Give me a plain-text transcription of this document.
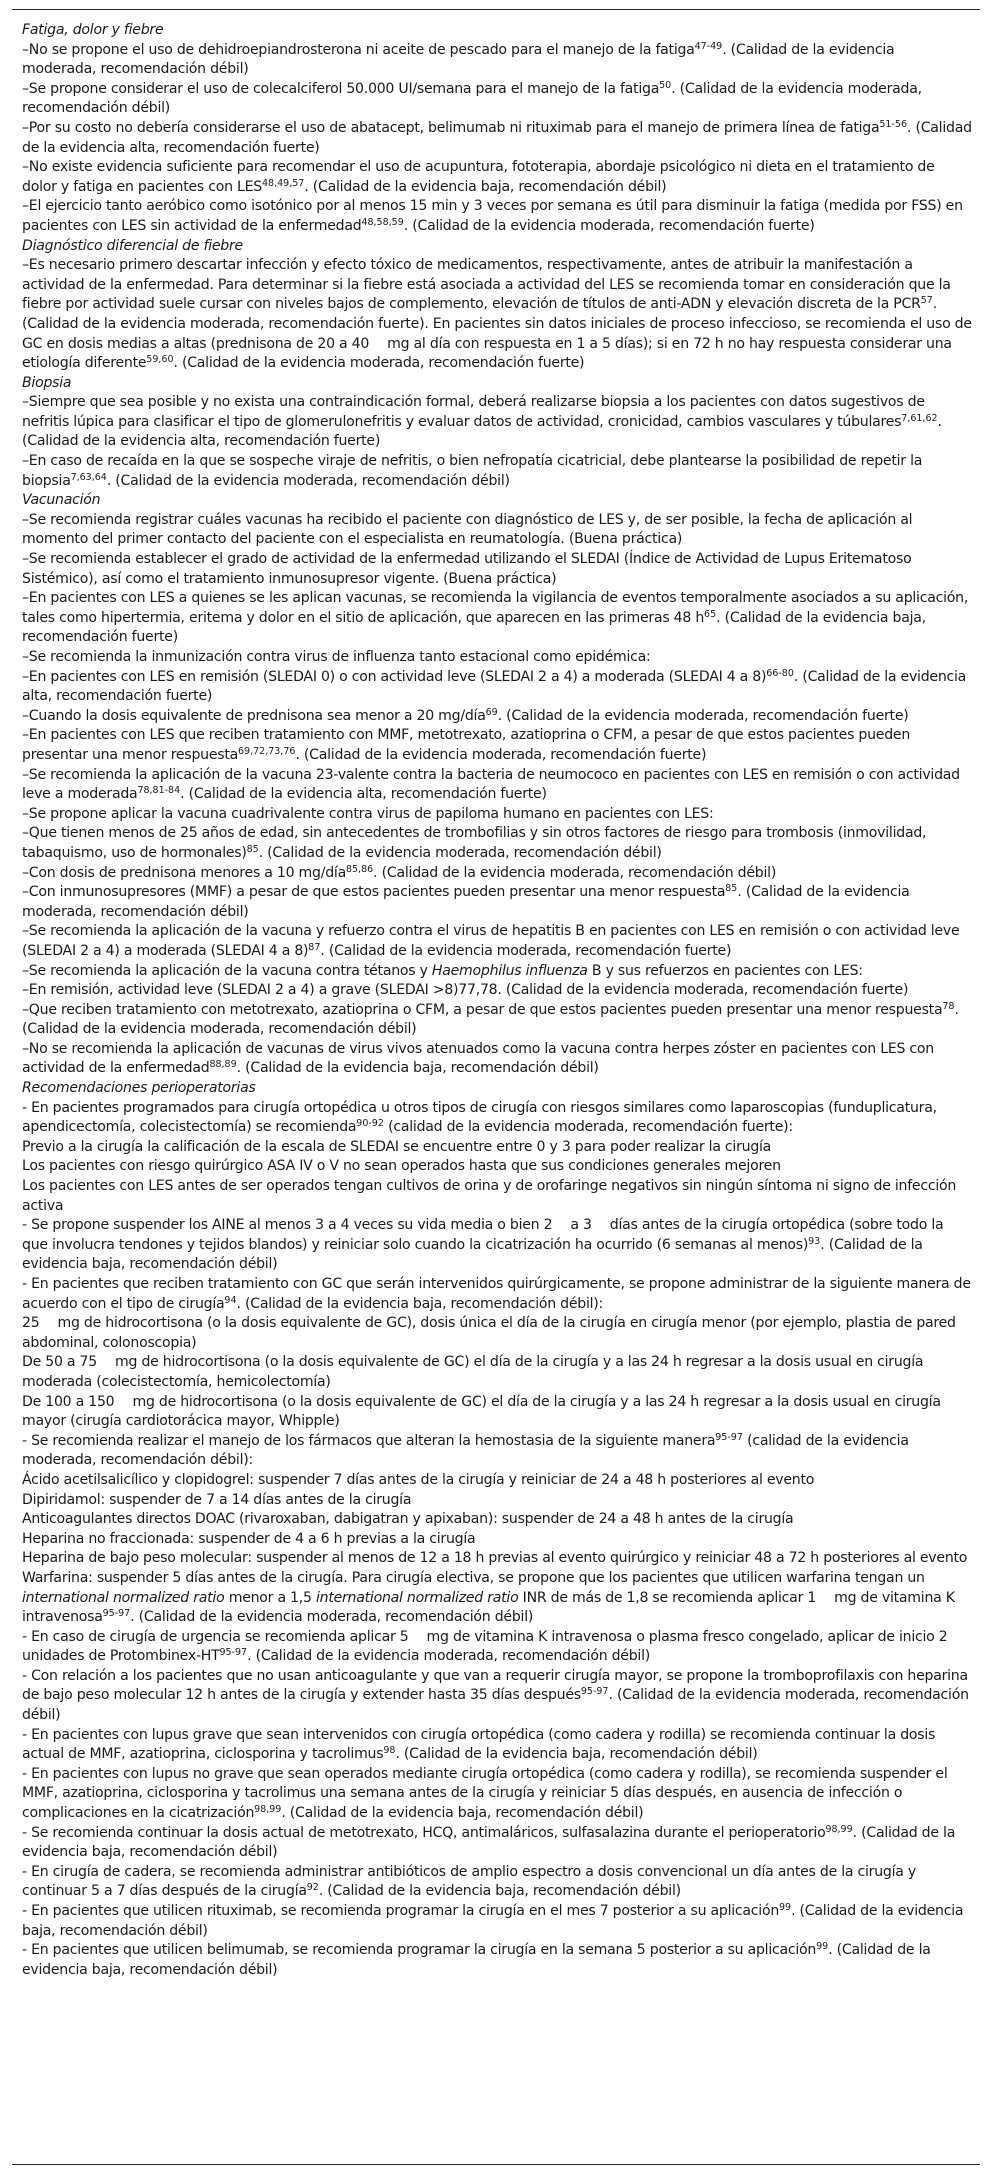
Fatiga, dolor y fiebre

–No se propone el uso de dehidroepiandrosterona ni aceite de pescado para el manejo de la fatiga$^{47-49}$. (Calidad de la evidencia moderada, recomendación débil)

–Se propone considerar el uso de colecalciferol 50.000 UI/semana para el manejo de la fatiga$^{50}$. (Calidad de la evidencia moderada, recomendación débil)

–Por su costo no debería considerarse el uso de abatacept, belimumab ni rituximab para el manejo de primera línea de fatiga$^{51-56}$. (Calidad de la evidencia alta, recomendación fuerte)

–No existe evidencia suficiente para recomendar el uso de acupuntura, fototerapia, abordaje psicológico ni dieta en el tratamiento de dolor y fatiga en pacientes con LES$^{48,49,57}$. (Calidad de la evidencia baja, recomendación débil)

–El ejercicio tanto aeróbico como isotónico por al menos 15 min y 3 veces por semana es útil para disminuir la fatiga (medida por FSS) en pacientes con LES sin actividad de la enfermedad$^{48,58,59}$. (Calidad de la evidencia moderada, recomendación fuerte)

Diagnóstico diferencial de fiebre

–Es necesario primero descartar infección y efecto tóxico de medicamentos, respectivamente, antes de atribuir la manifestación a actividad de la enfermedad. Para determinar si la fiebre está asociada a actividad del LES se recomienda tomar en consideración que la fiebre por actividad suele cursar con niveles bajos de complemento, elevación de títulos de anti-ADN y elevación discreta de la PCR$^{57}$. (Calidad de la evidencia moderada, recomendación fuerte). En pacientes sin datos iniciales de proceso infeccioso, se recomienda el uso de GC en dosis medias a altas (prednisona de 20 a 40  mg al día con respuesta en 1 a 5 días); si en 72 h no hay respuesta considerar una etiología diferente$^{59,60}$. (Calidad de la evidencia moderada, recomendación fuerte)

Biopsia

–Siempre que sea posible y no exista una contraindicación formal, deberá realizarse biopsia a los pacientes con datos sugestivos de nefritis lúpica para clasificar el tipo de glomerulonefritis y evaluar datos de actividad, cronicidad, cambios vasculares y túbulares$^{7,61,62}$. (Calidad de la evidencia alta, recomendación fuerte)

–En caso de recaída en la que se sospeche viraje de nefritis, o bien nefropatía cicatricial, debe plantearse la posibilidad de repetir la biopsia$^{7,63,64}$. (Calidad de la evidencia moderada, recomendación débil)

Vacunación

–Se recomienda registrar cuáles vacunas ha recibido el paciente con diagnóstico de LES y, de ser posible, la fecha de aplicación al momento del primer contacto del paciente con el especialista en reumatología. (Buena práctica)

–Se recomienda establecer el grado de actividad de la enfermedad utilizando el SLEDAI (Índice de Actividad de Lupus Eritematoso Sistémico), así como el tratamiento inmunosupresor vigente. (Buena práctica)

–En pacientes con LES a quienes se les aplican vacunas, se recomienda la vigilancia de eventos temporalmente asociados a su aplicación, tales como hipertermia, eritema y dolor en el sitio de aplicación, que aparecen en las primeras 48 $h^{65}$. (Calidad de la evidencia baja, recomendación fuerte)

–Se recomienda la inmunización contra virus de influenza tanto estacional como epidémica:

–En pacientes con LES en remisión (SLEDAI 0) o con actividad leve (SLEDAI 2 a 4) a moderada (SLEDAI 4 a 8)$^{66-80}$. (Calidad de la evidencia alta, recomendación fuerte)

–Cuando la dosis equivalente de prednisona sea menor a 20 mg/día$^{69}$. (Calidad de la evidencia moderada, recomendación fuerte)

–En pacientes con LES que reciben tratamiento con MMF, metotrexato, azatioprina o CFM, a pesar de que estos pacientes pueden presentar una menor respuesta$^{69,72,73,76}$. (Calidad de la evidencia moderada, recomendación fuerte)

–Se recomienda la aplicación de la vacuna 23-valente contra la bacteria de neumococo en pacientes con LES en remisión o con actividad leve a moderada$^{78,81-84}$. (Calidad de la evidencia alta, recomendación fuerte)

–Se propone aplicar la vacuna cuadrivalente contra virus de papiloma humano en pacientes con LES:

–Que tienen menos de 25 años de edad, sin antecedentes de trombofilias y sin otros factores de riesgo para trombosis (inmovilidad, tabaquismo, uso de hormonales)$^{85}$. (Calidad de la evidencia moderada, recomendación débil)

–Con dosis de prednisona menores a 10 mg/día$^{85,86}$. (Calidad de la evidencia moderada, recomendación débil)

–Con inmunosupresores (MMF) a pesar de que estos pacientes pueden presentar una menor respuesta$^{85}$. (Calidad de la evidencia moderada, recomendación débil)

–Se recomienda la aplicación de la vacuna y refuerzo contra el virus de hepatitis B en pacientes con LES en remisión o con actividad leve (SLEDAI 2 a 4) a moderada (SLEDAI 4 a 8)$^{87}$. (Calidad de la evidencia moderada, recomendación fuerte)

–Se recomienda la aplicación de la vacuna contra tétanos y Haemophilus influenza B y sus refuerzos en pacientes con LES:

–En remisión, actividad leve (SLEDAI 2 a 4) a grave (SLEDAI >8)77,78. (Calidad de la evidencia moderada, recomendación fuerte)

–Que reciben tratamiento con metotrexato, azatioprina o CFM, a pesar de que estos pacientes pueden presentar una menor respuesta$^{78}$. (Calidad de la evidencia moderada, recomendación débil)

–No se recomienda la aplicación de vacunas de virus vivos atenuados como la vacuna contra herpes zóster en pacientes con LES con actividad de la enfermedad$^{88,89}$. (Calidad de la evidencia baja, recomendación débil)

Recomendaciones perioperatorias

- En pacientes programados para cirugía ortopédica u otros tipos de cirugía con riesgos similares como laparoscopias (funduplicatura, apendicectomía, colecistectomía) se recomienda$^{90-92}$ (calidad de la evidencia moderada, recomendación fuerte):

Previo a la cirugía la calificación de la escala de SLEDAI se encuentre entre 0 y 3 para poder realizar la cirugía

Los pacientes con riesgo quirúrgico ASA IV o V no sean operados hasta que sus condiciones generales mejoren

Los pacientes con LES antes de ser operados tengan cultivos de orina y de orofaringe negativos sin ningún síntoma ni signo de infección activa

- Se propone suspender los AINE al menos 3 a 4 veces su vida media o bien 2  a 3  días antes de la cirugía ortopédica (sobre todo la que involucra tendones y tejidos blandos) y reiniciar solo cuando la cicatrización ha ocurrido (6 semanas al menos)$^{93}$. (Calidad de la evidencia baja, recomendación débil)

- En pacientes que reciben tratamiento con GC que serán intervenidos quirúrgicamente, se propone administrar de la siguiente manera de acuerdo con el tipo de cirugía$^{94}$. (Calidad de la evidencia baja, recomendación débil):

25  mg de hidrocortisona (o la dosis equivalente de GC), dosis única el día de la cirugía en cirugía menor (por ejemplo, plastia de pared abdominal, colonoscopia)

De 50 a 75  mg de hidrocortisona (o la dosis equivalente de GC) el día de la cirugía y a las 24 h regresar a la dosis usual en cirugía moderada (colecistectomía, hemicolectomía)

De 100 a 150  mg de hidrocortisona (o la dosis equivalente de GC) el día de la cirugía y a las 24 h regresar a la dosis usual en cirugía mayor (cirugía cardiotorácica mayor, Whipple)

- Se recomienda realizar el manejo de los fármacos que alteran la hemostasia de la siguiente manera$^{95-97}$ (calidad de la evidencia moderada, recomendación débil):

Ácido acetilsalicílico y clopidogrel: suspender 7 días antes de la cirugía y reiniciar de 24 a 48 h posteriores al evento

Dipiridamol: suspender de 7 a 14 días antes de la cirugía

Anticoagulantes directos DOAC (rivaroxaban, dabigatran y apixaban): suspender de 24 a 48 h antes de la cirugía

Heparina no fraccionada: suspender de 4 a 6 h previas a la cirugía

Heparina de bajo peso molecular: suspender al menos de 12 a 18 h previas al evento quirúrgico y reiniciar 48 a 72 h posteriores al evento

Warfarina: suspender 5 días antes de la cirugía. Para cirugía electiva, se propone que los pacientes que utilicen warfarina tengan un international normalized ratio menor a 1,5 international normalized ratio INR de más de 1,8 se recomienda aplicar 1  mg de vitamina K intravenosa$^{95-97}$. (Calidad de la evidencia moderada, recomendación débil)

- En caso de cirugía de urgencia se recomienda aplicar 5  mg de vitamina K intravenosa o plasma fresco congelado, aplicar de inicio 2 unidades de Protombinex-HT$^{95-97}$. (Calidad de la evidencia moderada, recomendación débil)

- Con relación a los pacientes que no usan anticoagulante y que van a requerir cirugía mayor, se propone la tromboprofilaxis con heparina de bajo peso molecular 12 h antes de la cirugía y extender hasta 35 días después$^{95-97}$. (Calidad de la evidencia moderada, recomendación débil)

- En pacientes con lupus grave que sean intervenidos con cirugía ortopédica (como cadera y rodilla) se recomienda continuar la dosis actual de MMF, azatioprina, ciclosporina y tacrolimus$^{98}$. (Calidad de la evidencia baja, recomendación débil)

- En pacientes con lupus no grave que sean operados mediante cirugía ortopédica (como cadera y rodilla), se recomienda suspender el MMF, azatioprina, ciclosporina y tacrolimus una semana antes de la cirugía y reiniciar 5 días después, en ausencia de infección o complicaciones en la cicatrización$^{98,99}$. (Calidad de la evidencia baja, recomendación débil)

- Se recomienda continuar la dosis actual de metotrexato, HCQ, antimaláricos, sulfasalazina durante el perioperatorio$^{98,99}$. (Calidad de la evidencia baja, recomendación débil)

- En cirugía de cadera, se recomienda administrar antibióticos de amplio espectro a dosis convencional un día antes de la cirugía y continuar 5 a 7 días después de la cirugía$^{92}$. (Calidad de la evidencia baja, recomendación débil)

- En pacientes que utilicen rituximab, se recomienda programar la cirugía en el mes 7 posterior a su aplicación$^{99}$. (Calidad de la evidencia baja, recomendación débil)

- En pacientes que utilicen belimumab, se recomienda programar la cirugía en la semana 5 posterior a su aplicación$^{99}$. (Calidad de la evidencia baja, recomendación débil)
